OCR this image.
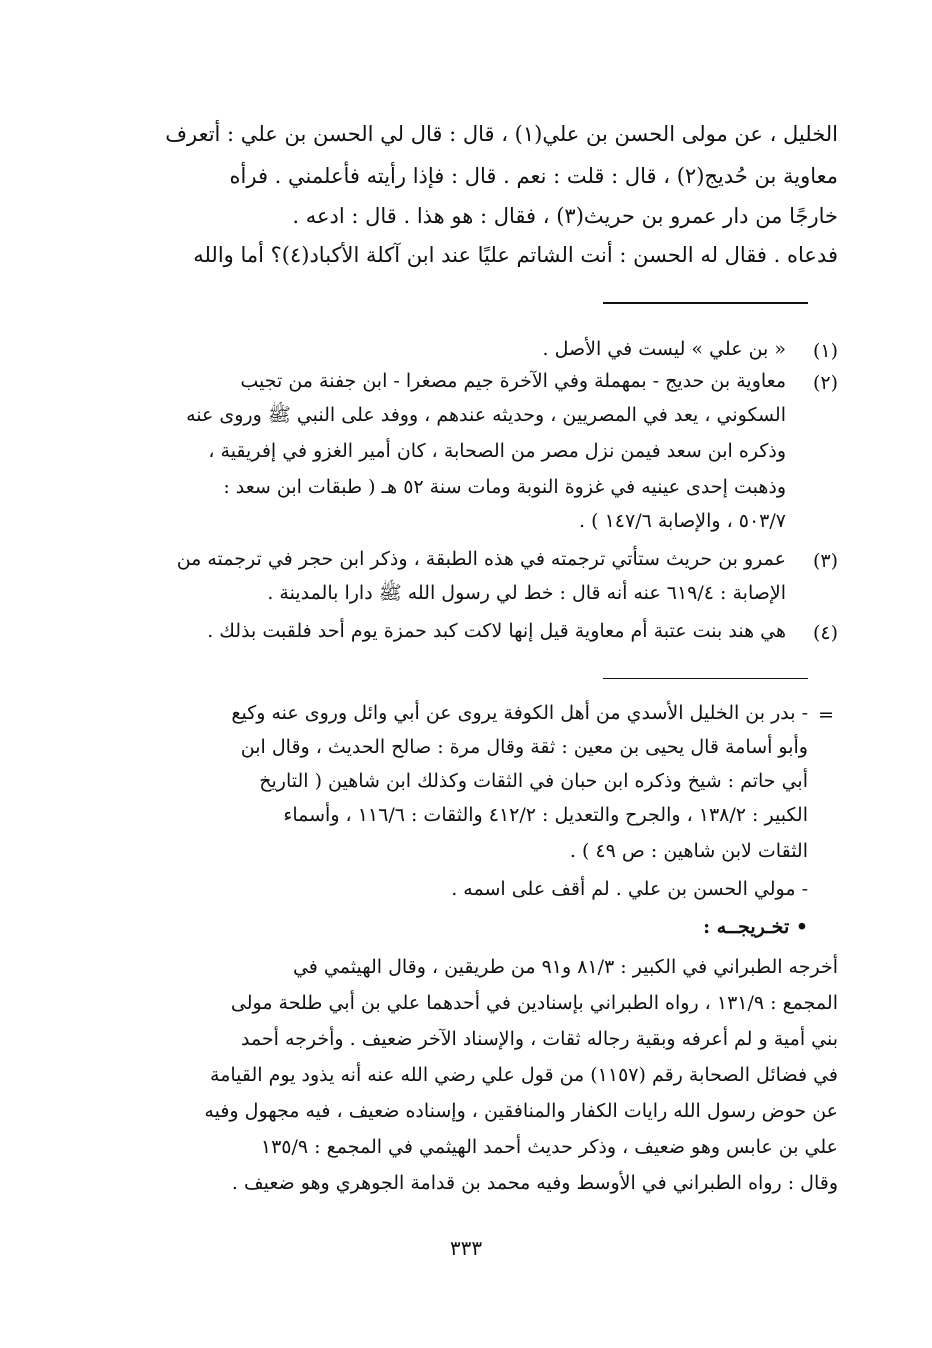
الخليل ، عن مولى الحسن بن علي(١) ، قال : قال لي الحسن بن علي : أتعرف
معاوية بن حُديج(٢) ، قال : قلت : نعم . قال : فإذا رأيته فأعلمني . فرأه
خارجًا من دار عمرو بن حريث(٣) ، فقال : هو هذا . قال : ادعه .
فدعاه . فقال له الحسن : أنت الشاتم عليًا عند ابن آكلة الأكباد(٤)؟ أما والله
(١)
« بن علي » ليست في الأصل .
(٢)
معاوية بن حديج - بمهملة وفي الآخرة جيم مصغرا - ابن جفنة من تجيب
السكوني ، يعد في المصريين ، وحديثه عندهم ، ووفد على النبي ﷺ وروى عنه
وذكره ابن سعد فيمن نزل مصر من الصحابة ، كان أمير الغزو في إفريقية ،
وذهبت إحدى عينيه في غزوة النوبة ومات سنة ٥٢ هـ ( طبقات ابن سعد :
٥٠٣/٧ ، والإصابة ١٤٧/٦ ) .
(٣)
عمرو بن حريث ستأتي ترجمته في هذه الطبقة ، وذكر ابن حجر في ترجمته من
الإصابة : ٦١٩/٤ عنه أنه قال : خط لي رسول الله ﷺ دارا بالمدينة .
(٤)
هي هند بنت عتبة أم معاوية قيل إنها لاكت كبد حمزة يوم أحد فلقبت بذلك .
=
- بدر بن الخليل الأسدي من أهل الكوفة يروى عن أبي وائل وروى عنه وكيع
وأبو أسامة قال يحيى بن معين : ثقة وقال مرة : صالح الحديث ، وقال ابن
أبي حاتم : شيخ وذكره ابن حبان في الثقات وكذلك ابن شاهين ( التاريخ
الكبير : ١٣٨/٢ ، والجرح والتعديل : ٤١٢/٢ والثقات : ١١٦/٦ ، وأسماء
الثقات لابن شاهين : ص ٤٩ ) .
- مولي الحسن بن علي . لم أقف على اسمه .
• تخـريجــه :
أخرجه الطبراني في الكبير : ٨١/٣ و٩١ من طريقين ، وقال الهيثمي في
المجمع : ١٣١/٩ ، رواه الطبراني بإسنادين في أحدهما علي بن أبي طلحة مولى
بني أمية و لم أعرفه وبقية رجاله ثقات ، والإسناد الآخر ضعيف . وأخرجه أحمد
في فضائل الصحابة رقم (١١٥٧) من قول علي رضي الله عنه أنه يذود يوم القيامة
عن حوض رسول الله رايات الكفار والمنافقين ، وإسناده ضعيف ، فيه مجهول وفيه
علي بن عابس وهو ضعيف ، وذكر حديث أحمد الهيثمي في المجمع : ١٣٥/٩
وقال : رواه الطبراني في الأوسط وفيه محمد بن قدامة الجوهري وهو ضعيف .
٣٣٣
